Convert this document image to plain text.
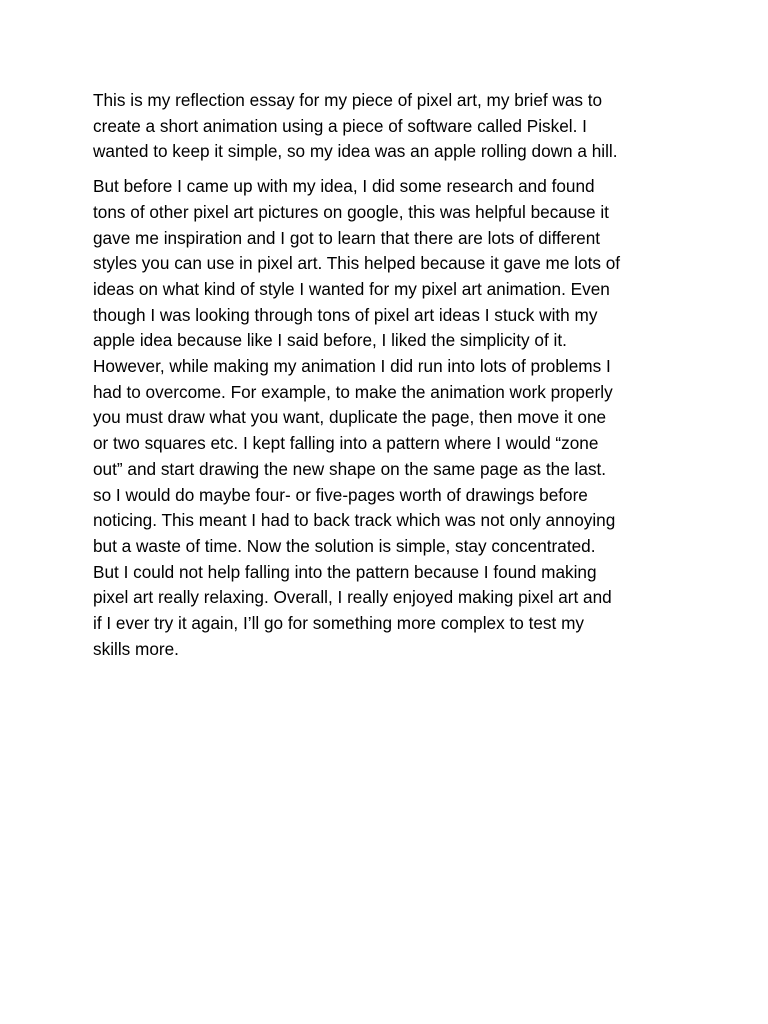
This is my reflection essay for my piece of pixel art, my brief was to
create a short animation using a piece of software called Piskel. I
wanted to keep it simple, so my idea was an apple rolling down a hill.

But before I came up with my idea, I did some research and found
tons of other pixel art pictures on google, this was helpful because it
gave me inspiration and I got to learn that there are lots of different
styles you can use in pixel art. This helped because it gave me lots of
ideas on what kind of style I wanted for my pixel art animation. Even
though I was looking through tons of pixel art ideas I stuck with my
apple idea because like I said before, I liked the simplicity of it.
However, while making my animation I did run into lots of problems I
had to overcome. For example, to make the animation work properly
you must draw what you want, duplicate the page, then move it one
or two squares etc. I kept falling into a pattern where I would “zone
out” and start drawing the new shape on the same page as the last.
so I would do maybe four- or five-pages worth of drawings before
noticing. This meant I had to back track which was not only annoying
but a waste of time. Now the solution is simple, stay concentrated.
But I could not help falling into the pattern because I found making
pixel art really relaxing. Overall, I really enjoyed making pixel art and
if I ever try it again, I’ll go for something more complex to test my
skills more.
